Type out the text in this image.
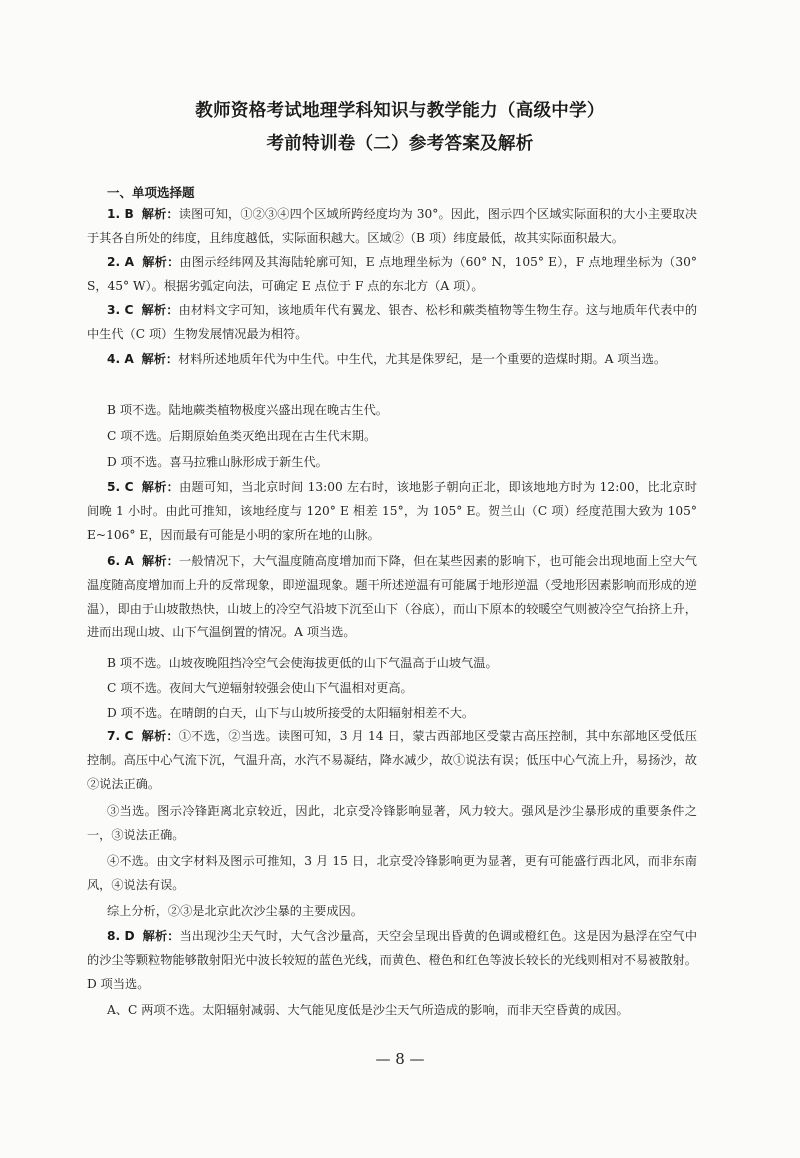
教师资格考试地理学科知识与教学能力（高级中学）
考前特训卷（二）参考答案及解析
一、单项选择题
1. B 解析：读图可知，①②③④四个区域所跨经度均为 30°。因此，图示四个区域实际面积的大小主要取决于其各自所处的纬度，且纬度越低，实际面积越大。区域②（B 项）纬度最低，故其实际面积最大。
2. A 解析：由图示经纬网及其海陆轮廓可知，E 点地理坐标为（60° N，105° E），F 点地理坐标为（30° S，45° W）。根据劣弧定向法，可确定 E 点位于 F 点的东北方（A 项）。
3. C 解析：由材料文字可知，该地质年代有翼龙、银杏、松杉和蕨类植物等生物生存。这与地质年代表中的中生代（C 项）生物发展情况最为相符。
4. A 解析：材料所述地质年代为中生代。中生代，尤其是侏罗纪，是一个重要的造煤时期。A 项当选。
B 项不选。陆地蕨类植物极度兴盛出现在晚古生代。
C 项不选。后期原始鱼类灭绝出现在古生代末期。
D 项不选。喜马拉雅山脉形成于新生代。
5. C 解析：由题可知，当北京时间 13:00 左右时，该地影子朝向正北，即该地地方时为 12:00，比北京时间晚 1 小时。由此可推知，该地经度与 120° E 相差 15°，为 105° E。贺兰山（C 项）经度范围大致为 105° E~106° E，因而最有可能是小明的家所在地的山脉。
6. A 解析：一般情况下，大气温度随高度增加而下降，但在某些因素的影响下，也可能会出现地面上空大气温度随高度增加而上升的反常现象，即逆温现象。题干所述逆温有可能属于地形逆温（受地形因素影响而形成的逆温），即由于山坡散热快，山坡上的冷空气沿坡下沉至山下（谷底），而山下原本的较暖空气则被冷空气抬挤上升，进而出现山坡、山下气温倒置的情况。A 项当选。
B 项不选。山坡夜晚阻挡冷空气会使海拔更低的山下气温高于山坡气温。
C 项不选。夜间大气逆辐射较强会使山下气温相对更高。
D 项不选。在晴朗的白天，山下与山坡所接受的太阳辐射相差不大。
7. C 解析：①不选，②当选。读图可知，3 月 14 日，蒙古西部地区受蒙古高压控制，其中东部地区受低压控制。高压中心气流下沉，气温升高，水汽不易凝结，降水减少，故①说法有误；低压中心气流上升，易扬沙，故②说法正确。
③当选。图示冷锋距离北京较近，因此，北京受冷锋影响显著，风力较大。强风是沙尘暴形成的重要条件之一，③说法正确。
④不选。由文字材料及图示可推知，3 月 15 日，北京受冷锋影响更为显著，更有可能盛行西北风，而非东南风，④说法有误。
综上分析，②③是北京此次沙尘暴的主要成因。
8. D 解析：当出现沙尘天气时，大气含沙量高，天空会呈现出昏黄的色调或橙红色。这是因为悬浮在空气中的沙尘等颗粒物能够散射阳光中波长较短的蓝色光线，而黄色、橙色和红色等波长较长的光线则相对不易被散射。D 项当选。
A、C 两项不选。太阳辐射减弱、大气能见度低是沙尘天气所造成的影响，而非天空昏黄的成因。
— 8 —
